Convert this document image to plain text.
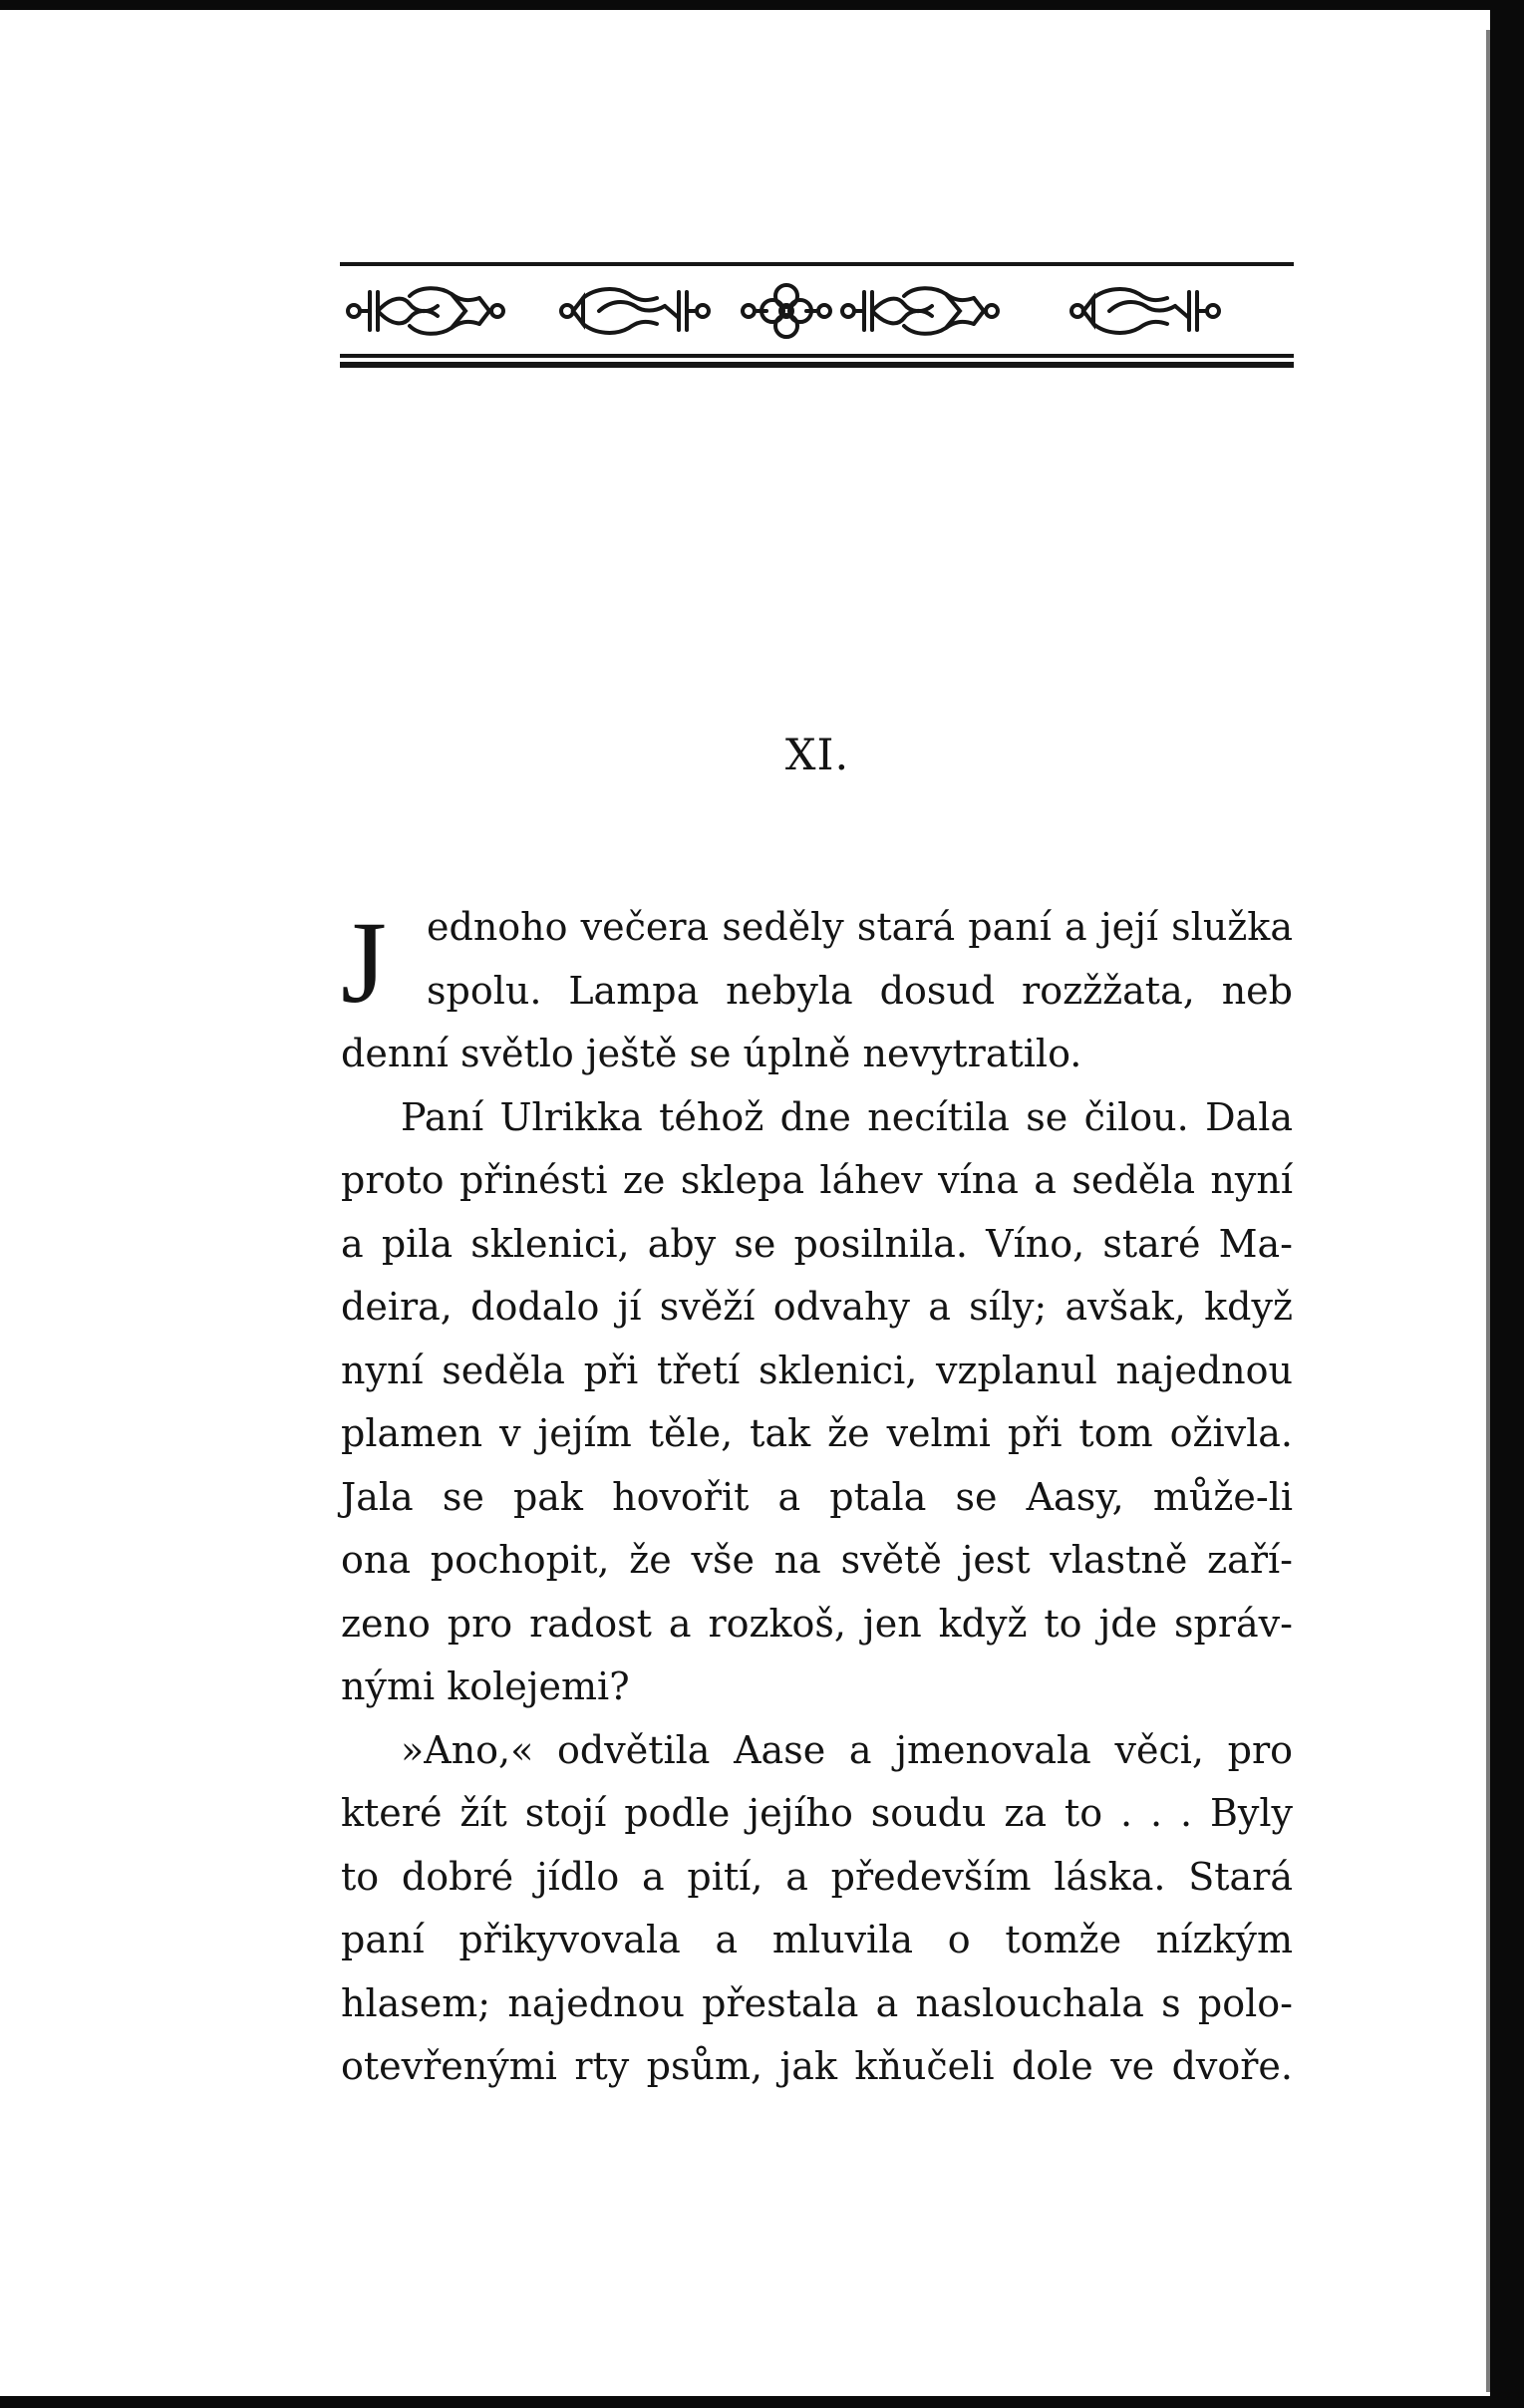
XI.
J	ednoho večera seděly stará paní a její služka
spolu. Lampa nebyla dosud rozžžata, neb
denní světlo ještě se úplně nevytratilo.
Paní Ulrikka téhož dne necítila se čilou. Dala
proto přinésti ze sklepa láhev vína a seděla nyní
a pila sklenici, aby se posilnila. Víno, staré Ma-
deira, dodalo jí svěží odvahy a síly; avšak, když
nyní seděla při třetí sklenici, vzplanul najednou
plamen v jejím těle, tak že velmi při tom oživla.
Jala se pak hovořit a ptala se Aasy, může-li
ona pochopit, že vše na světě jest vlastně zaří-
zeno pro radost a rozkoš, jen když to jde správ-
nými kolejemi?
»Ano,« odvětila Aase a jmenovala věci, pro
které žít stojí podle jejího soudu za to . . . Byly
to dobré jídlo a pití, a především láska. Stará
paní přikyvovala a mluvila o tomže nízkým
hlasem; najednou přestala a naslouchala s polo-
otevřenými rty psům, jak kňučeli dole ve dvoře.
